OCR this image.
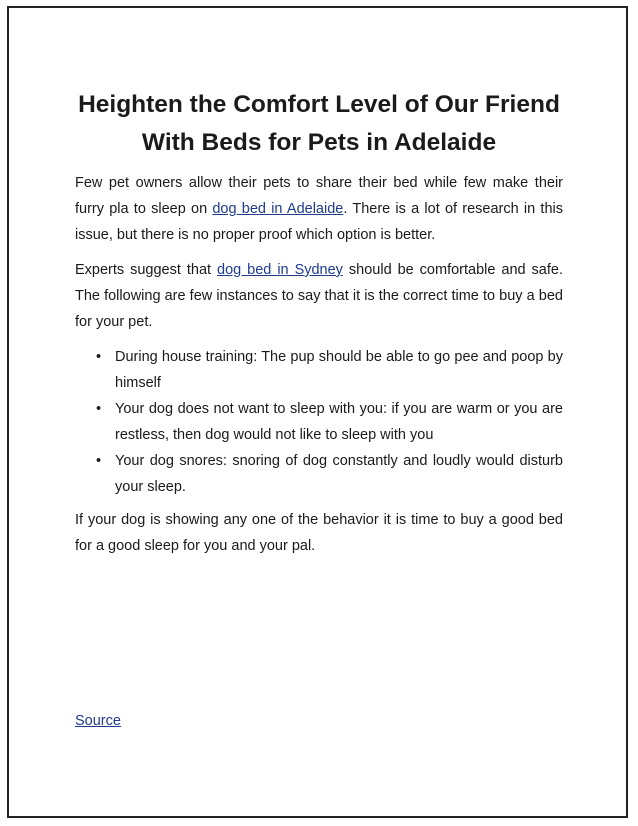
Heighten the Comfort Level of Our Friend With Beds for Pets in Adelaide

Few pet owners allow their pets to share their bed while few make their furry pla to sleep on dog bed in Adelaide. There is a lot of research in this issue, but there is no proper proof which option is better.

Experts suggest that dog bed in Sydney should be comfortable and safe. The following are few instances to say that it is the correct time to buy a bed for your pet.

• During house training: The pup should be able to go pee and poop by himself
• Your dog does not want to sleep with you: if you are warm or you are restless, then dog would not like to sleep with you
• Your dog snores: snoring of dog constantly and loudly would disturb your sleep.

If your dog is showing any one of the behavior it is time to buy a good bed for a good sleep for you and your pal.

Source
